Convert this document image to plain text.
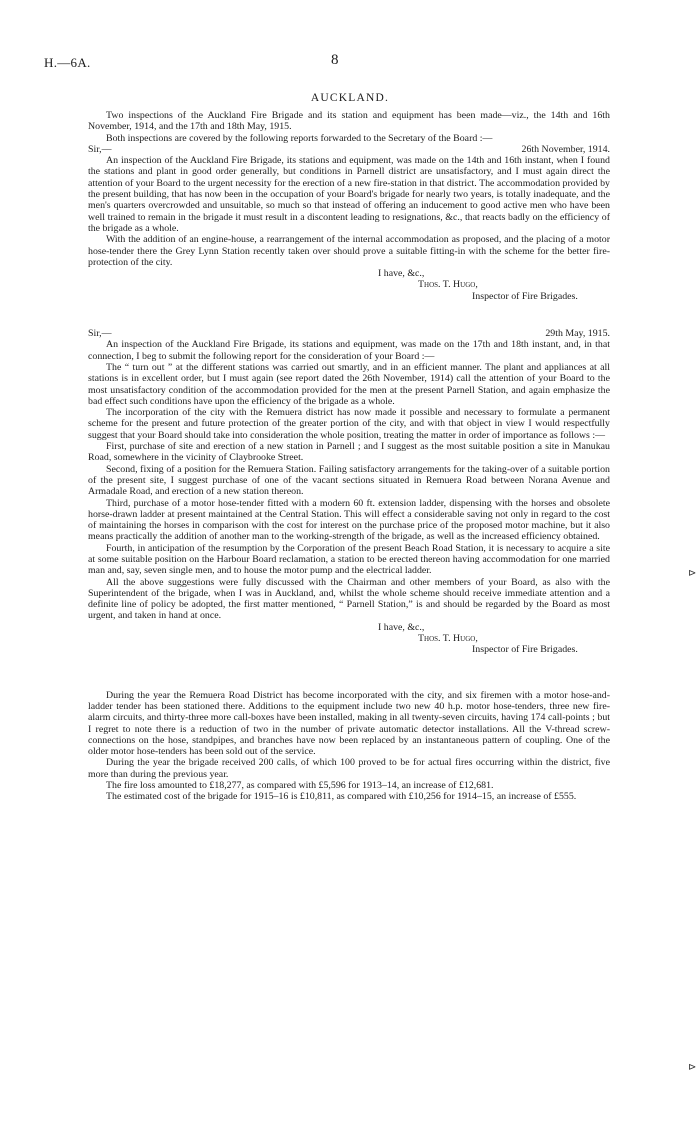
H.—6A.	8
AUCKLAND.

Two inspections of the Auckland Fire Brigade and its station and equipment has been made—viz., the 14th and 16th November, 1914, and the 17th and 18th May, 1915.

Both inspections are covered by the following reports forwarded to the Secretary of the Board :—

Sir,—	26th November, 1914.

An inspection of the Auckland Fire Brigade, its stations and equipment, was made on the 14th and 16th instant, when I found the stations and plant in good order generally, but conditions in Parnell district are unsatisfactory, and I must again direct the attention of your Board to the urgent necessity for the erection of a new fire-station in that district. The accommodation provided by the present building, that has now been in the occupation of your Board's brigade for nearly two years, is totally inadequate, and the men's quarters overcrowded and unsuitable, so much so that instead of offering an inducement to good active men who have been well trained to remain in the brigade it must result in a discontent leading to resignations, &c., that reacts badly on the efficiency of the brigade as a whole.

With the addition of an engine-house, a rearrangement of the internal accommodation as proposed, and the placing of a motor hose-tender there the Grey Lynn Station recently taken over should prove a suitable fitting-in with the scheme for the better fire-protection of the city.

I have, &c.,
Thos. T. Hugo,
Inspector of Fire Brigades.
Sir,—	29th May, 1915.

An inspection of the Auckland Fire Brigade, its stations and equipment, was made on the 17th and 18th instant, and, in that connection, I beg to submit the following report for the consideration of your Board :—

The “ turn out ” at the different stations was carried out smartly, and in an efficient manner. The plant and appliances at all stations is in excellent order, but I must again (see report dated the 26th November, 1914) call the attention of your Board to the most unsatisfactory condition of the accommodation provided for the men at the present Parnell Station, and again emphasize the bad effect such conditions have upon the efficiency of the brigade as a whole.

The incorporation of the city with the Remuera district has now made it possible and necessary to formulate a permanent scheme for the present and future protection of the greater portion of the city, and with that object in view I would respectfully suggest that your Board should take into consideration the whole position, treating the matter in order of importance as follows :—

First, purchase of site and erection of a new station in Parnell ; and I suggest as the most suitable position a site in Manukau Road, somewhere in the vicinity of Claybrooke Street.

Second, fixing of a position for the Remuera Station. Failing satisfactory arrangements for the taking-over of a suitable portion of the present site, I suggest purchase of one of the vacant sections situated in Remuera Road between Norana Avenue and Armadale Road, and erection of a new station thereon.

Third, purchase of a motor hose-tender fitted with a modern 60 ft. extension ladder, dispensing with the horses and obsolete horse-drawn ladder at present maintained at the Central Station. This will effect a considerable saving not only in regard to the cost of maintaining the horses in comparison with the cost for interest on the purchase price of the proposed motor machine, but it also means practically the addition of another man to the working-strength of the brigade, as well as the increased efficiency obtained.

Fourth, in anticipation of the resumption by the Corporation of the present Beach Road Station, it is necessary to acquire a site at some suitable position on the Harbour Board reclamation, a station to be erected thereon having accommodation for one married man and, say, seven single men, and to house the motor pump and the electrical ladder.

All the above suggestions were fully discussed with the Chairman and other members of your Board, as also with the Superintendent of the brigade, when I was in Auckland, and, whilst the whole scheme should receive immediate attention and a definite line of policy be adopted, the first matter mentioned, “ Parnell Station,” is and should be regarded by the Board as most urgent, and taken in hand at once.

I have, &c.,
Thos. T. Hugo,
Inspector of Fire Brigades.

During the year the Remuera Road District has become incorporated with the city, and six firemen with a motor hose-and-ladder tender has been stationed there. Additions to the equipment include two new 40 h.p. motor hose-tenders, three new fire-alarm circuits, and thirty-three more call-boxes have been installed, making in all twenty-seven circuits, having 174 call-points ; but I regret to note there is a reduction of two in the number of private automatic detector installations. All the V-thread screw-connections on the hose, standpipes, and branches have now been replaced by an instantaneous pattern of coupling. One of the older motor hose-tenders has been sold out of the service.

During the year the brigade received 200 calls, of which 100 proved to be for actual fires occurring within the district, five more than during the previous year.

The fire loss amounted to £18,277, as compared with £5,596 for 1913–14, an increase of £12,681.

The estimated cost of the brigade for 1915–16 is £10,811, as compared with £10,256 for 1914–15, an increase of £555.

⊳
⊳
